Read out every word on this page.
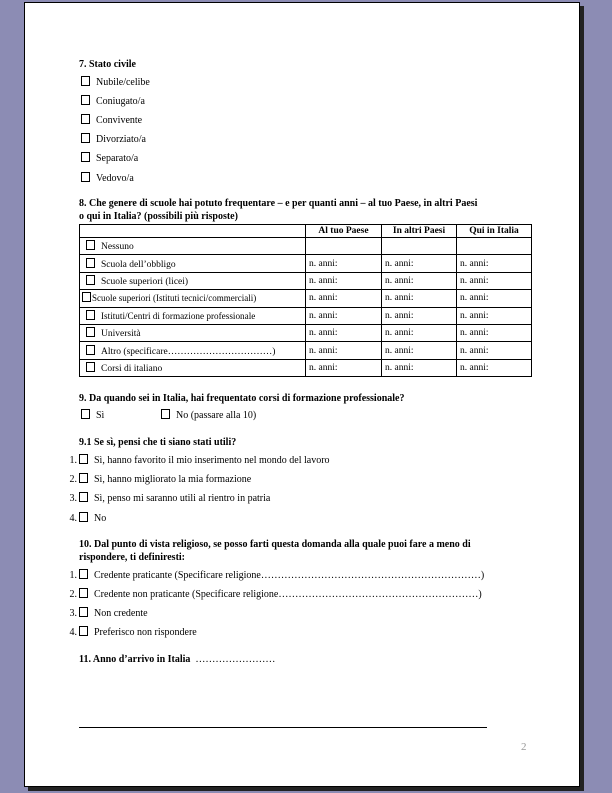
7. Stato civile
Nubile/celibe
Coniugato/a
Convivente
Divorziato/a
Separato/a
Vedovo/a
8. Che genere di scuole hai potuto frequentare – e per quanti anni – al tuo Paese, in altri Paesi
o qui in Italia? (possibili più risposte)
	Al tuo Paese	In altri Paesi	Qui in Italia
Nessuno			
Scuola dell’obbligo	n. anni:	n. anni:	n. anni:
Scuole superiori (licei)	n. anni:	n. anni:	n. anni:
Scuole superiori (Istituti tecnici/commerciali)	n. anni:	n. anni:	n. anni:
Istituti/Centri di formazione professionale	n. anni:	n. anni:	n. anni:
Università	n. anni:	n. anni:	n. anni:
Altro (specificare……………………………)	n. anni:	n. anni:	n. anni:
Corsi di italiano	n. anni:	n. anni:	n. anni:
9. Da quando sei in Italia, hai frequentato corsi di formazione professionale?
Sì	No (passare alla 10)
9.1 Se sì, pensi che ti siano stati utili?
1. Sì, hanno favorito il mio inserimento nel mondo del lavoro
2. Sì, hanno migliorato la mia formazione
3. Sì, penso mi saranno utili al rientro in patria
4. No
10. Dal punto di vista religioso, se posso farti questa domanda alla quale puoi fare a meno di
rispondere, ti definiresti:
1. Credente praticante (Specificare religione…………………………………………………………)
2. Credente non praticante (Specificare religione……………………………………………………)
3. Non credente
4. Preferisco non rispondere
11. Anno d’arrivo in Italia ……………………
2
